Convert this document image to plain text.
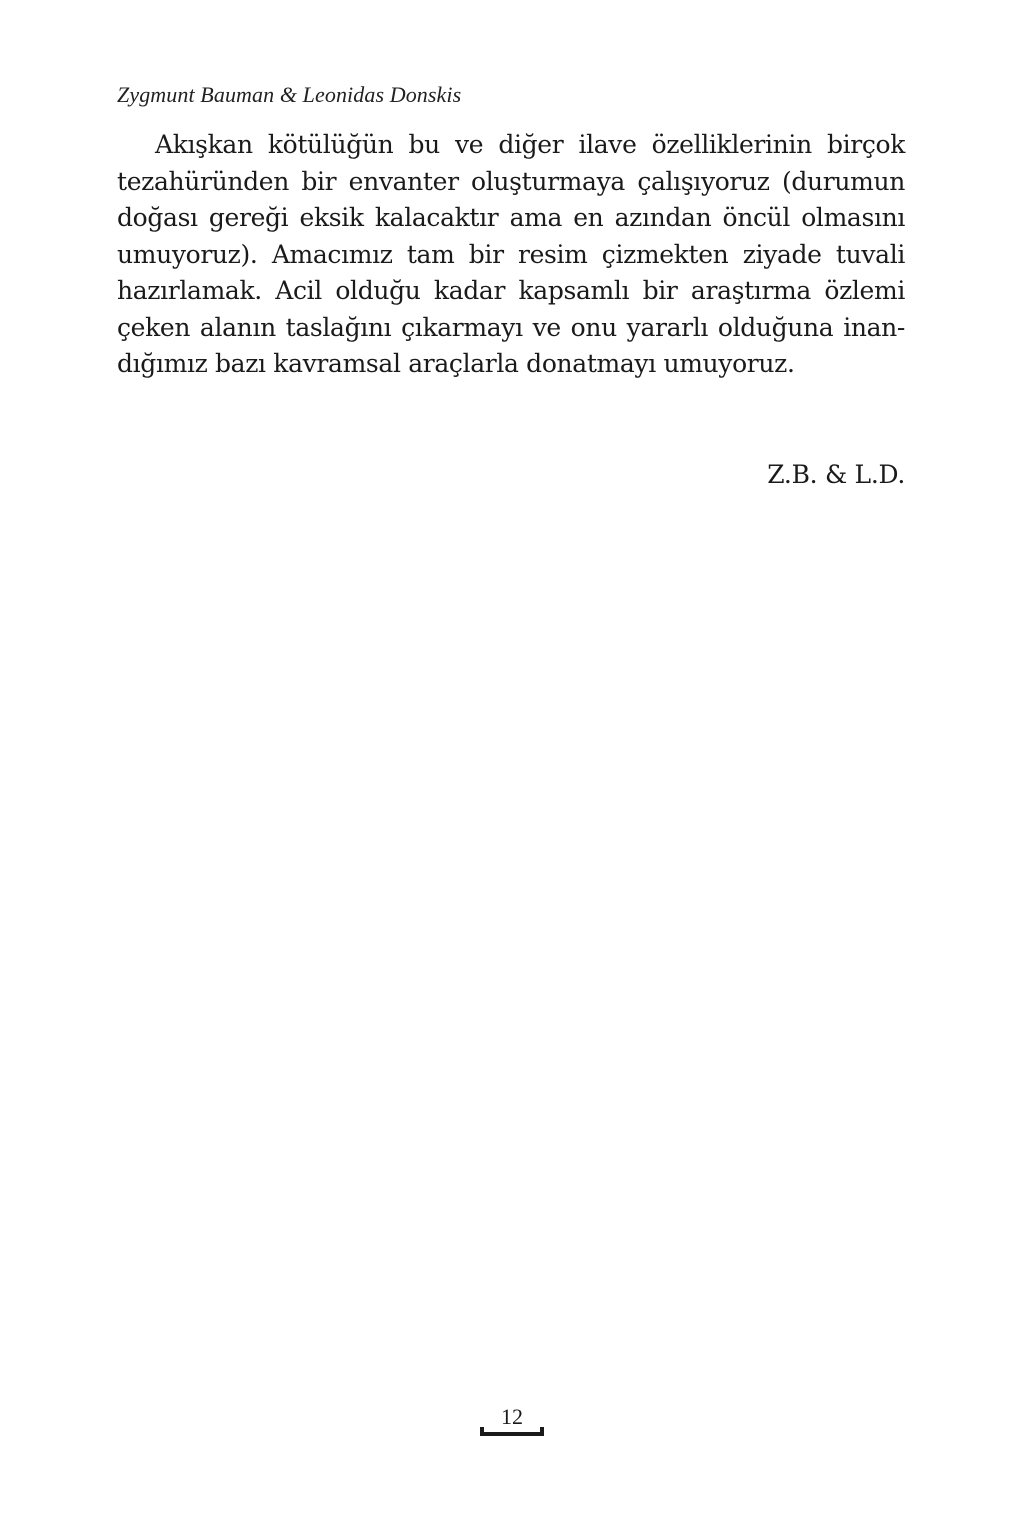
Zygmunt Bauman & Leonidas Donskis
Akışkan kötülüğün bu ve diğer ilave özelliklerinin birçok
tezahüründen bir envanter oluşturmaya çalışıyoruz (durumun
doğası gereği eksik kalacaktır ama en azından öncül olmasını
umuyoruz). Amacımız tam bir resim çizmekten ziyade tuvali
hazırlamak. Acil olduğu kadar kapsamlı bir araştırma özlemi
çeken alanın taslağını çıkarmayı ve onu yararlı olduğuna inan-
dığımız bazı kavramsal araçlarla donatmayı umuyoruz.
Z.B. & L.D.
12
